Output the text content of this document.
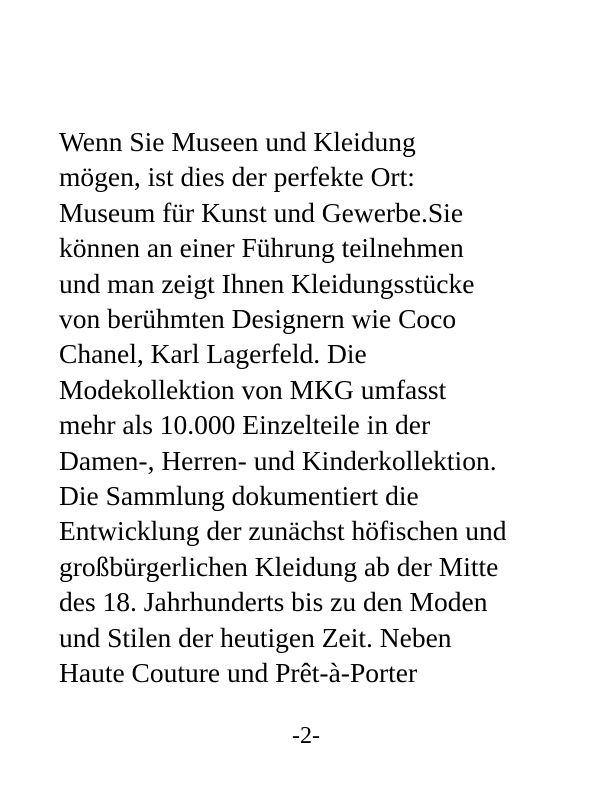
Wenn Sie Museen und Kleidung
mögen, ist dies der perfekte Ort:
Museum für Kunst und Gewerbe.Sie
können an einer Führung teilnehmen
und man zeigt Ihnen Kleidungsstücke
von berühmten Designern wie Coco
Chanel, Karl Lagerfeld. Die
Modekollektion von MKG umfasst
mehr als 10.000 Einzelteile in der
Damen-, Herren- und Kinderkollektion.
Die Sammlung dokumentiert die
Entwicklung der zunächst höfischen und
großbürgerlichen Kleidung ab der Mitte
des 18. Jahrhunderts bis zu den Moden
und Stilen der heutigen Zeit. Neben
Haute Couture und Prêt-à-Porter

-2-
